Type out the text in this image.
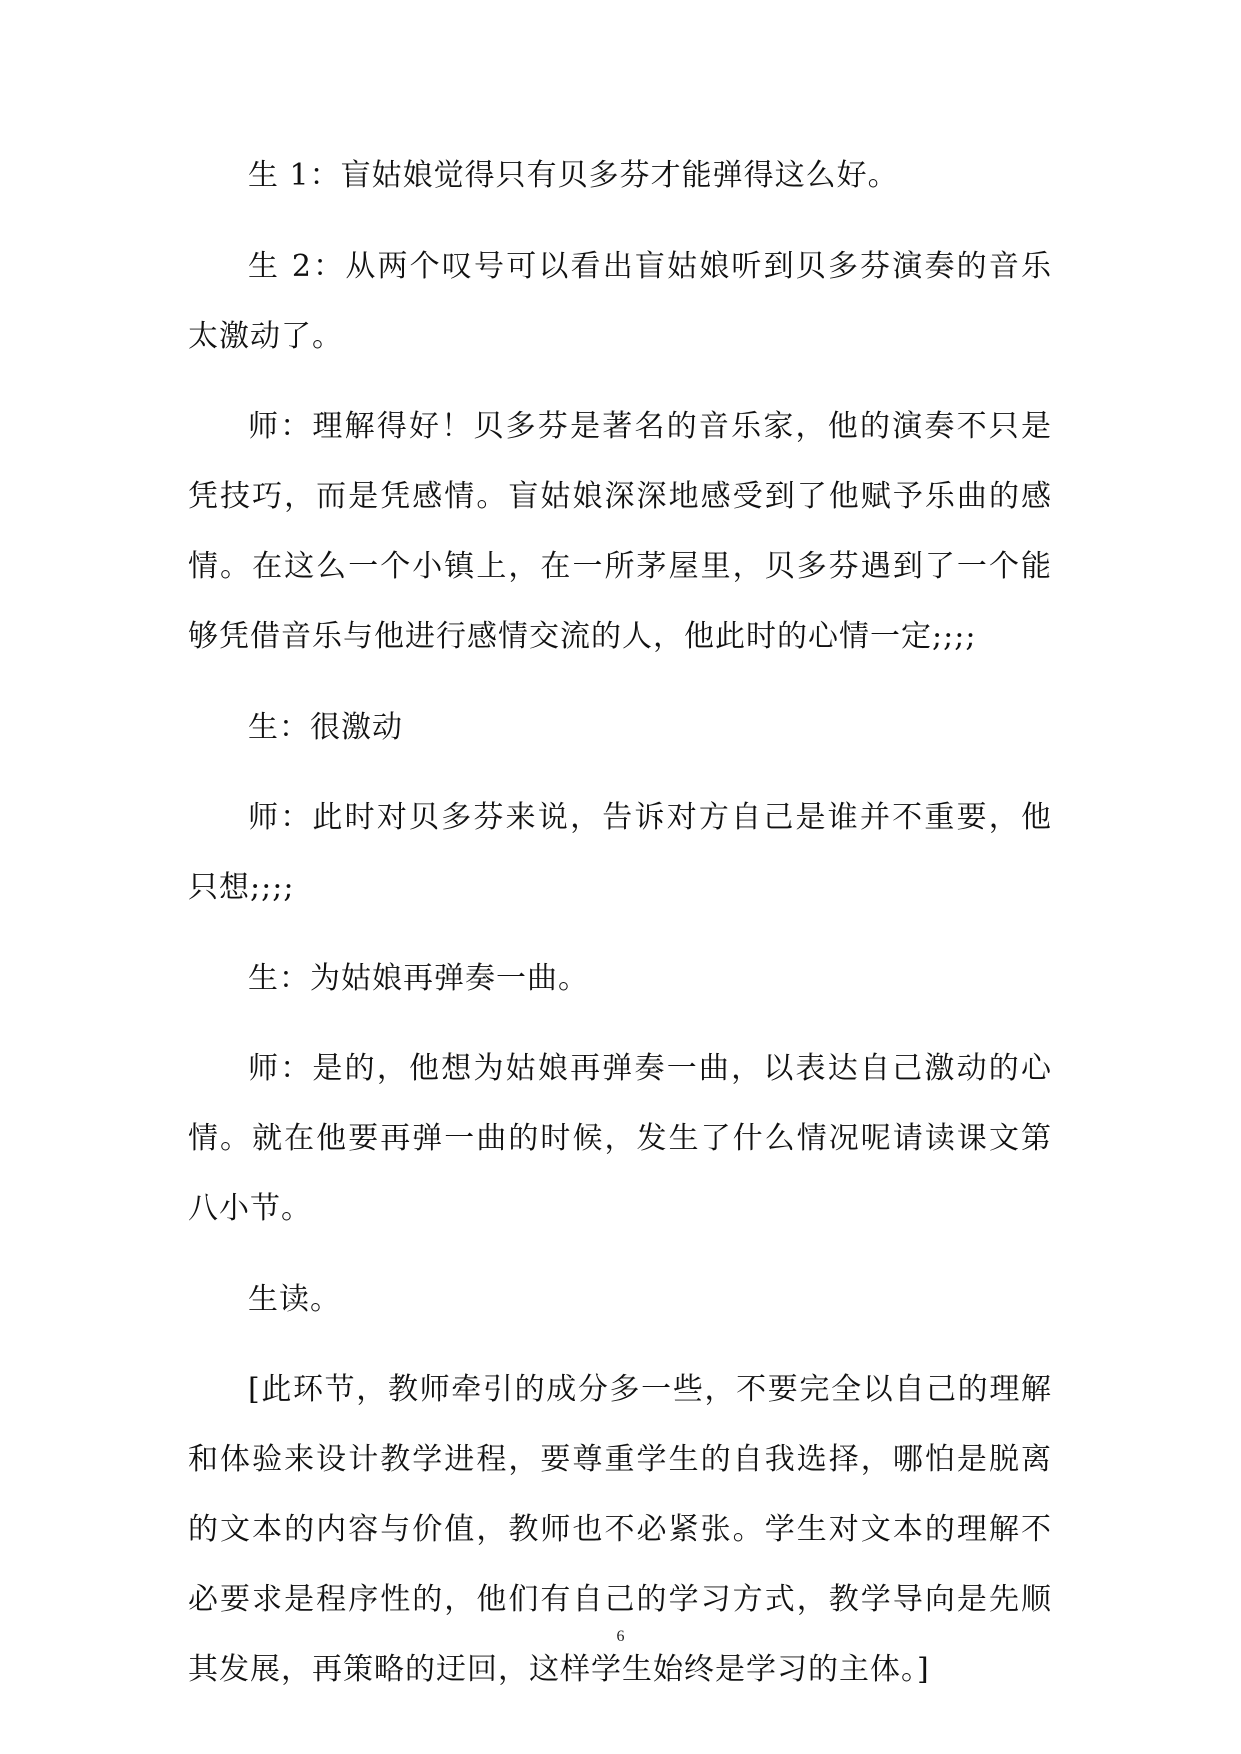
生 1：盲姑娘觉得只有贝多芬才能弹得这么好。

生 2：从两个叹号可以看出盲姑娘听到贝多芬演奏的音乐太激动了。

师：理解得好！贝多芬是著名的音乐家，他的演奏不只是凭技巧，而是凭感情。盲姑娘深深地感受到了他赋予乐曲的感情。在这么一个小镇上，在一所茅屋里，贝多芬遇到了一个能够凭借音乐与他进行感情交流的人，他此时的心情一定;;;;

生：很激动

师：此时对贝多芬来说，告诉对方自己是谁并不重要，他只想;;;;

生：为姑娘再弹奏一曲。

师：是的，他想为姑娘再弹奏一曲，以表达自己激动的心情。就在他要再弹一曲的时候，发生了什么情况呢请读课文第八小节。

生读。

[此环节，教师牵引的成分多一些，不要完全以自己的理解和体验来设计教学进程，要尊重学生的自我选择，哪怕是脱离的文本的内容与价值，教师也不必紧张。学生对文本的理解不必要求是程序性的，他们有自己的学习方式，教学导向是先顺其发展，再策略的迂回，这样学生始终是学习的主体。]

6
